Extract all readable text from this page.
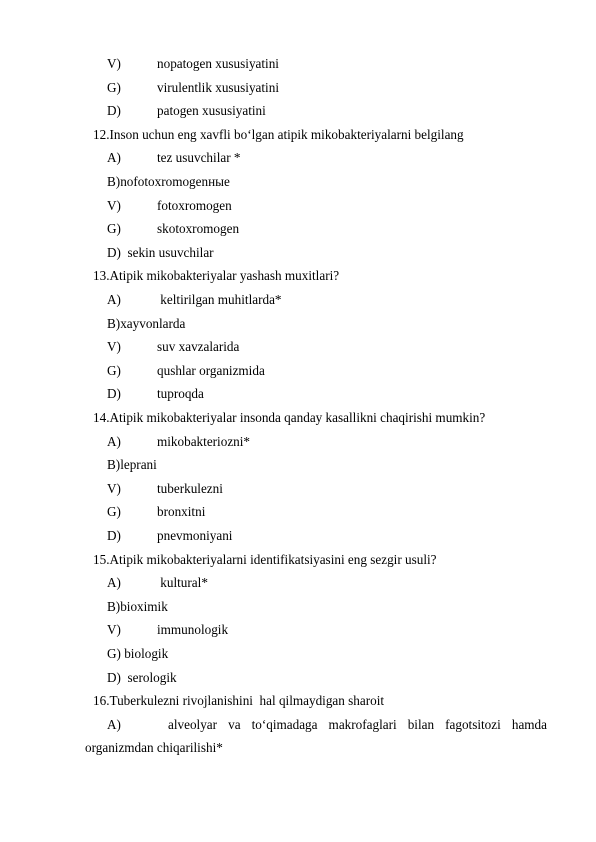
V)	nopatogen xususiyatini
G)	virulentlik xususiyatini
D)	patogen xususiyatini
12.Inson uchun eng xavfli bo‘lgan atipik mikobakteriyalarni belgilang
A)	tez usuvchilar *
B)nofotoxromogenные
V)	fotoxromogen
G)	skotoxromogen
D)  sekin usuvchilar
13.Atipik mikobakteriyalar yashash muxitlari?
A)	keltirilgan muhitlarda*
B)xayvonlarda
V)	suv xavzalarida
G)	qushlar organizmida
D)	tuproqda
14.Atipik mikobakteriyalar insonda qanday kasallikni chaqirishi mumkin?
A)	mikobakteriozni*
B)leprani
V)	tuberkulezni
G)	bronxitni
D)	pnevmoniyani
15.Atipik mikobakteriyalarni identifikatsiyasini eng sezgir usuli?
A)	kultural*
B)bioximik
V)	immunologik
G) biologik
D)  serologik
16.Tuberkulezni rivojlanishini  hal qilmaydigan sharoit
A)	alveolyar va to‘qimadaga makrofaglari bilan fagotsitozi hamda
organizmdan chiqarilishi*
